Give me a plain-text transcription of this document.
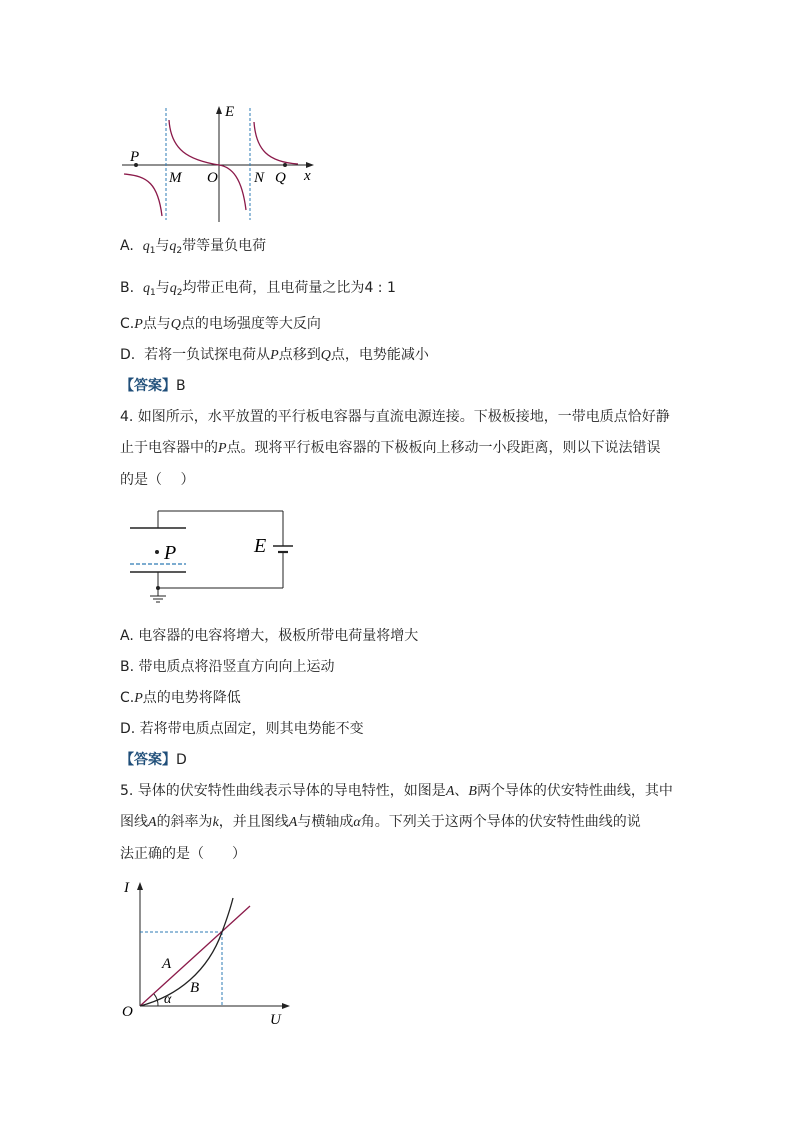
E
x
P
M O N Q
A. $q_1$与$q_2$带等量负电荷
B. $q_1$与$q_2$均带正电荷，且电荷量之比为4 : 1
C.P点与Q点的电场强度等大反向
D. 若将一负试探电荷从P点移到Q点，电势能减小
【答案】B
4. 如图所示，水平放置的平行板电容器与直流电源连接。下极板接地，一带电质点恰好静
止于电容器中的P点。现将平行板电容器的下极板向上移动一小段距离，则以下说法错误
的是（　 ）
P	E
A. 电容器的电容将增大，极板所带电荷量将增大
B. 带电质点将沿竖直方向向上运动
C.P点的电势将降低
D. 若将带电质点固定，则其电势能不变
【答案】D
5. 导体的伏安特性曲线表示导体的导电特性，如图是A、B两个导体的伏安特性曲线，其中
图线A的斜率为k，并且图线A与横轴成α角。下列关于这两个导体的伏安特性曲线的说
法正确的是（　　）
I
U
O
A
B
α
